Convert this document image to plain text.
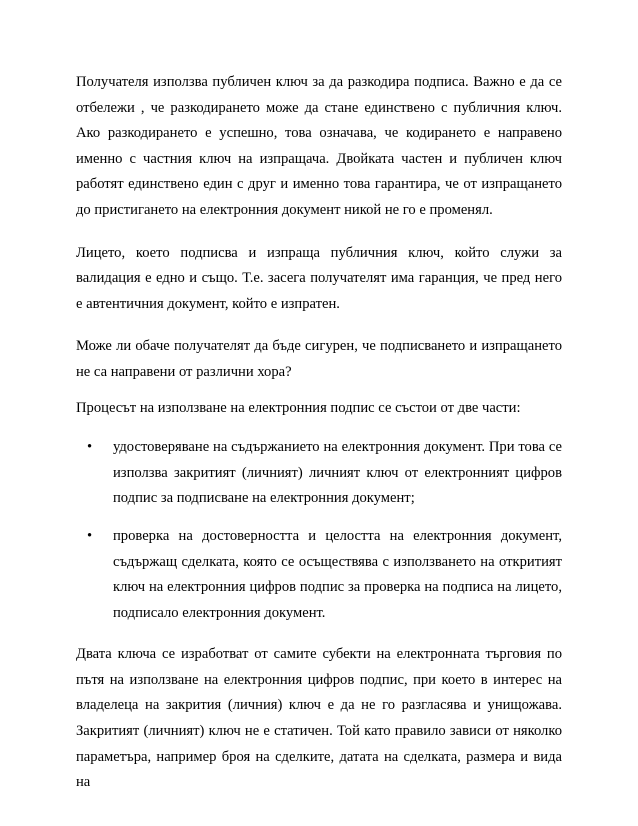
Получателя използва публичен ключ за да разкодира подписа. Важно е да се отбележи , че разкодирането може да стане единствено с публичния ключ. Ако разкодирането е успешно, това означава, че кодирането е направено именно с частния ключ на изпращача. Двойката частен и публичен ключ работят единствено един с друг и именно това гарантира, че от изпращането до пристигането на електронния документ никой не го е променял.

Лицето, което подписва и изпраща публичния ключ, който служи за валидация е едно и също. Т.е. засега получателят има гаранция, че пред него е автентичния документ, който е изпратен.

Може ли обаче получателят да бъде сигурен, че подписването и изпращането не са направени от различни хора?

Процесът на използване на електронния подпис се състои от две части:

• удостоверяване на съдържанието на електронния документ. При това се използва закритият (личният) личният ключ от електронният цифров подпис за подписване на електронния документ;
• проверка на достоверността и целостта на електронния документ, съдържащ сделката, която се осъществява с използването на откритият ключ на електронния цифров подпис за проверка на подписа на лицето, подписало електронния документ.

Двата ключа се изработват от самите субекти на електронната търговия по пътя на използване на електронния цифров подпис, при което в интерес на владелеца на закрития (личния) ключ е да не го разгласява и унищожава. Закритият (личният) ключ не е статичен. Той като правило зависи от няколко параметъра, например броя на сделките, датата на сделката, размера и вида на
